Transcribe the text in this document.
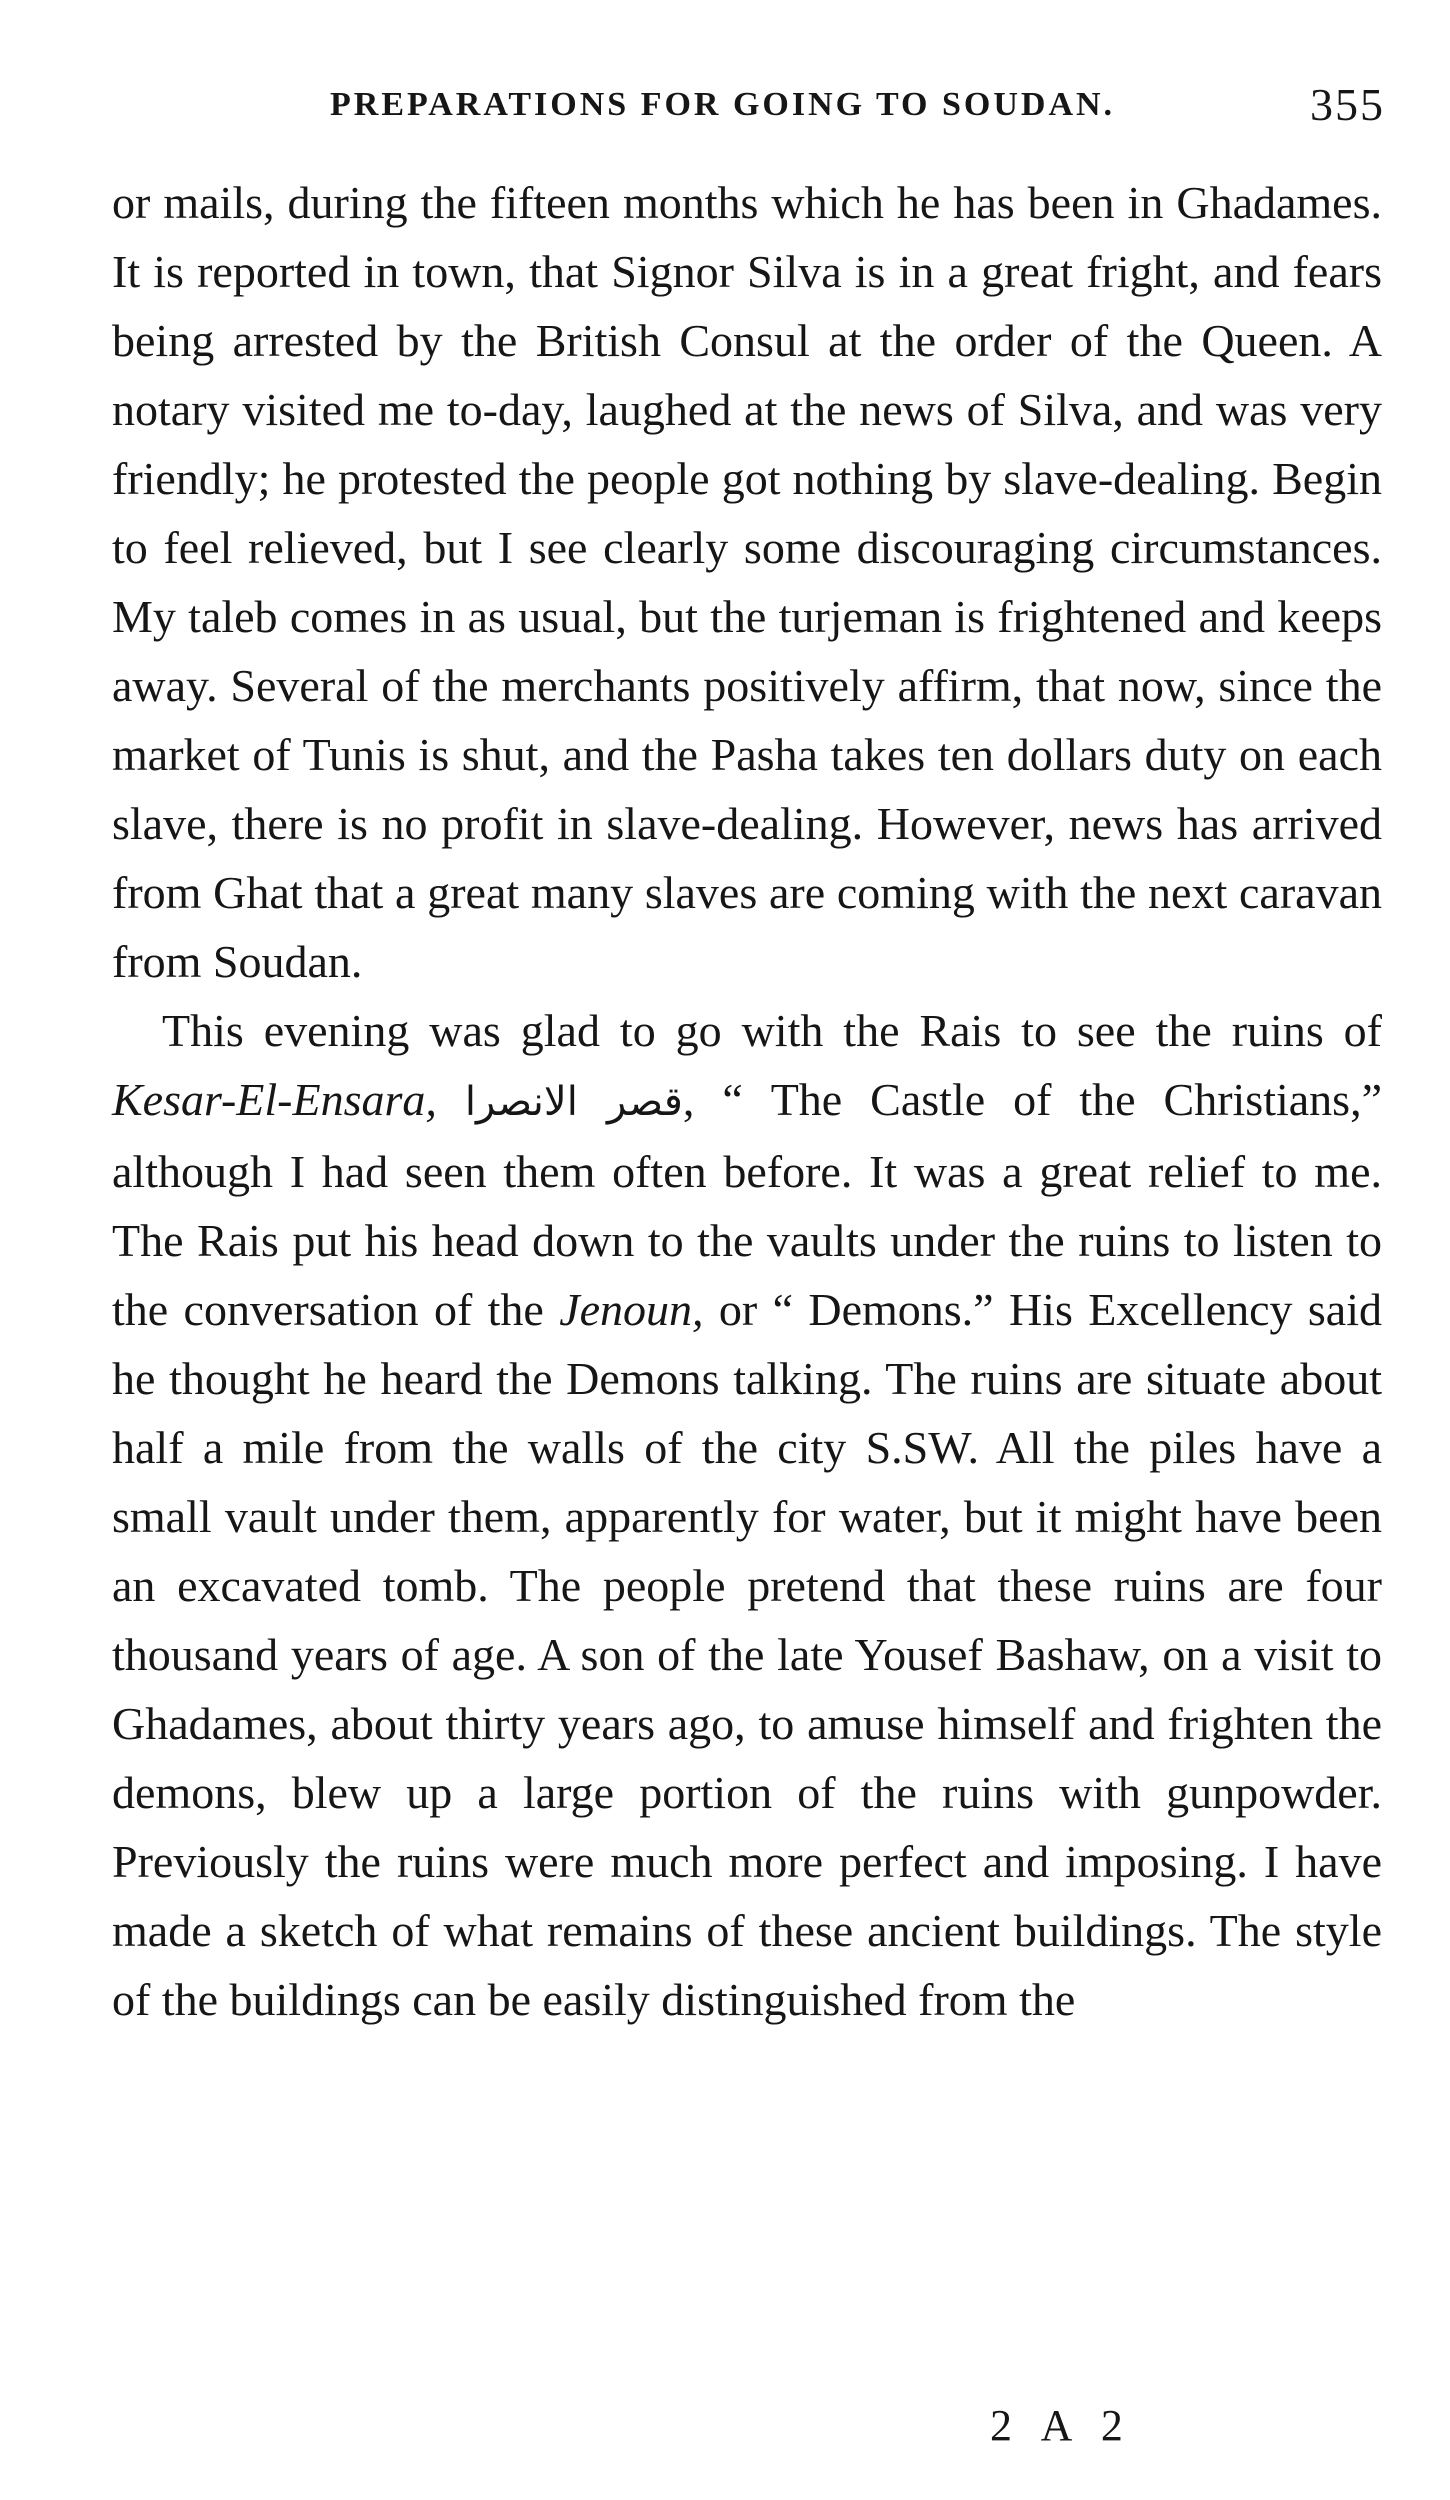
PREPARATIONS FOR GOING TO SOUDAN.	355

or mails, during the fifteen months which he has been in Ghadames. It is reported in town, that Signor Silva is in a great fright, and fears being arrested by the British Consul at the order of the Queen. A notary visited me to-day, laughed at the news of Silva, and was very friendly; he protested the people got nothing by slave-dealing. Begin to feel relieved, but I see clearly some discouraging circumstances. My taleb comes in as usual, but the turjeman is frightened and keeps away. Several of the merchants positively affirm, that now, since the market of Tunis is shut, and the Pasha takes ten dollars duty on each slave, there is no profit in slave-dealing. However, news has arrived from Ghat that a great many slaves are coming with the next caravan from Soudan.

This evening was glad to go with the Rais to see the ruins of Kesar-El-Ensara, قصر الانصرا, “ The Castle of the Christians,” although I had seen them often before. It was a great relief to me. The Rais put his head down to the vaults under the ruins to listen to the conversation of the Jenoun, or “ Demons.” His Excellency said he thought he heard the Demons talking. The ruins are situate about half a mile from the walls of the city S.SW. All the piles have a small vault under them, apparently for water, but it might have been an excavated tomb. The people pretend that these ruins are four thousand years of age. A son of the late Yousef Bashaw, on a visit to Ghadames, about thirty years ago, to amuse himself and frighten the demons, blew up a large portion of the ruins with gunpowder. Previously the ruins were much more perfect and imposing. I have made a sketch of what remains of these ancient buildings. The style of the buildings can be easily distinguished from the

2 A 2
